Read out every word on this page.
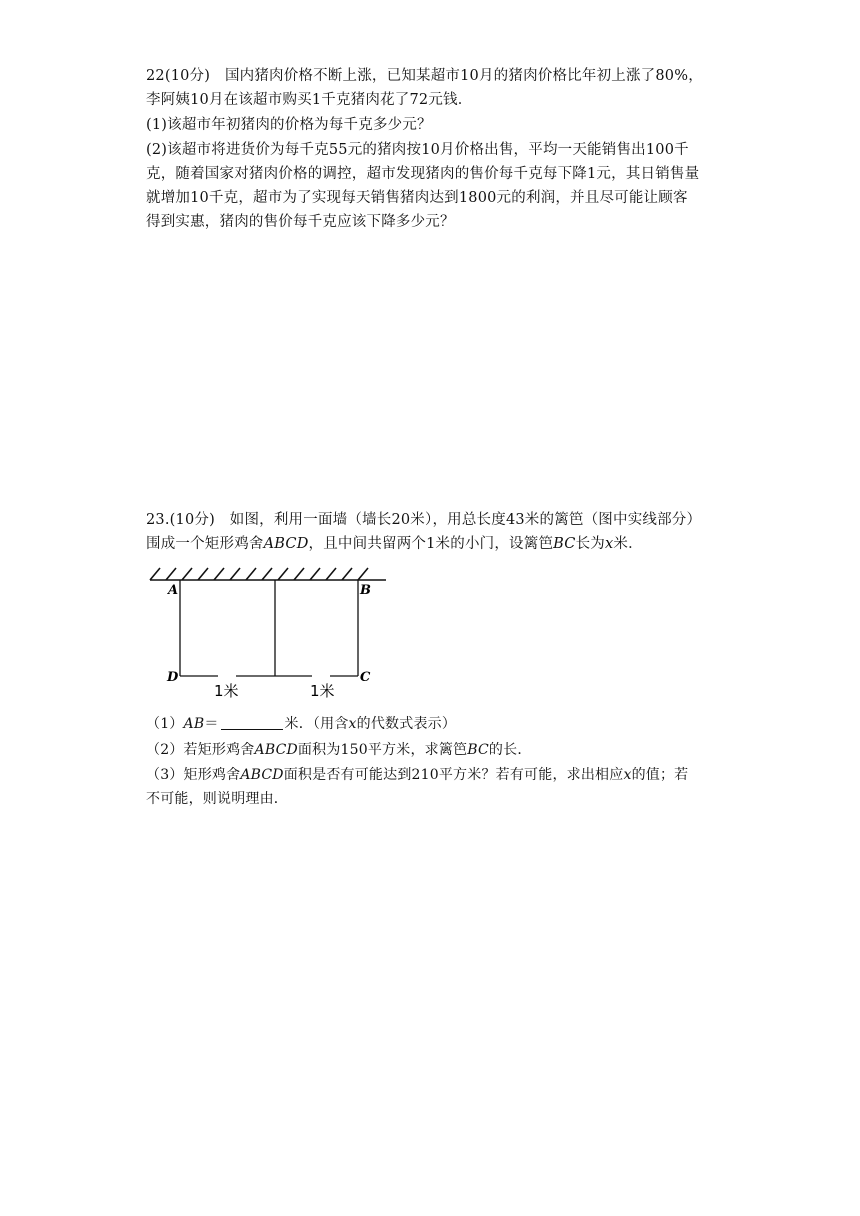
22(10分) 国内猪肉价格不断上涨，已知某超市10月的猪肉价格比年初上涨了80%，
李阿姨10月在该超市购买1千克猪肉花了72元钱．
(1)该超市年初猪肉的价格为每千克多少元？
(2)该超市将进货价为每千克55元的猪肉按10月价格出售，平均一天能销售出100千
克，随着国家对猪肉价格的调控，超市发现猪肉的售价每千克每下降1元，其日销售量
就增加10千克，超市为了实现每天销售猪肉达到1800元的利润，并且尽可能让顾客
得到实惠，猪肉的售价每千克应该下降多少元？
23.(10分) 如图，利用一面墙（墙长20米），用总长度43米的篱笆（图中实线部分）
围成一个矩形鸡舍ABCD，且中间共留两个1米的小门，设篱笆BC长为x米．
A	B
D	C
1米	1米
（1）AB＝	米．（用含x的代数式表示）
（2）若矩形鸡舍ABCD面积为150平方米，求篱笆BC的长．
（3）矩形鸡舍ABCD面积是否有可能达到210平方米？若有可能，求出相应x的值；若
不可能，则说明理由．
